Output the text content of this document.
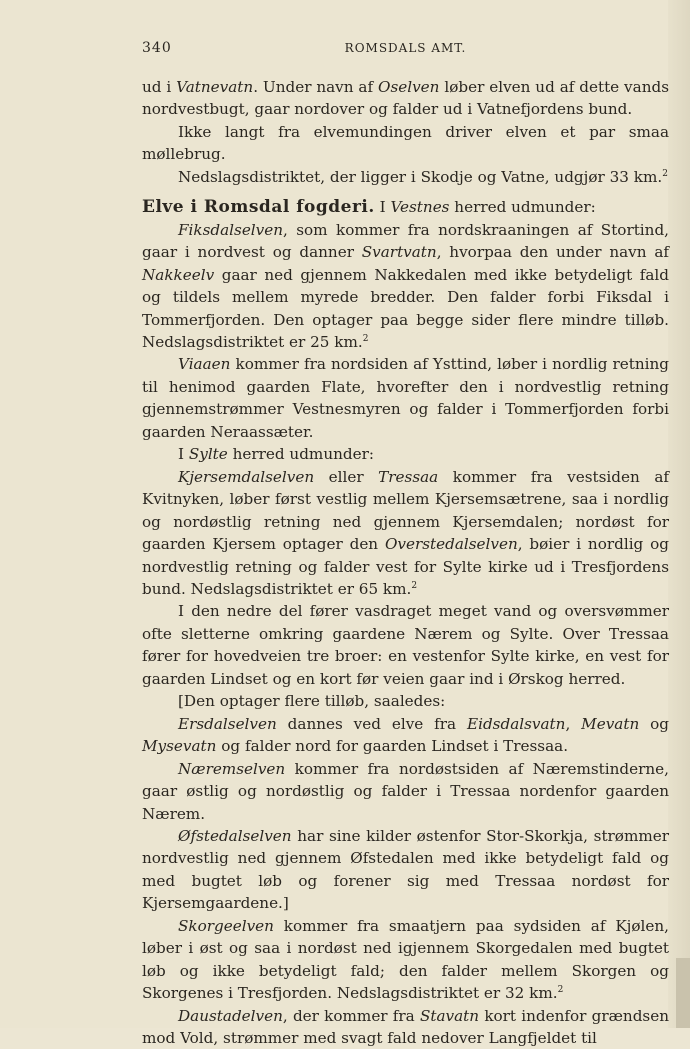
340	ROMSDALS AMT.

ud i Vatnevatn. Under navn af Oselven løber elven ud af dette vands nordvestbugt, gaar nordover og falder ud i Vatnefjordens bund.

Ikke langt fra elvemundingen driver elven et par smaa møllebrug.

Nedslagsdistriktet, der ligger i Skodje og Vatne, udgjør 33 km.$^2$

Elve i Romsdal fogderi. I Vestnes herred udmunder:

Fiksdalselven, som kommer fra nordskraaningen af Stortind, gaar i nordvest og danner Svartvatn, hvorpaa den under navn af Nakkeelv gaar ned gjennem Nakkedalen med ikke betydeligt fald og tildels mellem myrede bredder. Den falder forbi Fiksdal i Tommerfjorden. Den optager paa begge sider flere mindre tilløb. Nedslagsdistriktet er 25 km.$^2$

Viaaen kommer fra nordsiden af Ysttind, løber i nordlig retning til henimod gaarden Flate, hvorefter den i nordvestlig retning gjennemstrømmer Vestnesmyren og falder i Tommerfjorden forbi gaarden Neraassæter.

I Sylte herred udmunder:

Kjersemdalselven eller Tressaa kommer fra vestsiden af Kvitnyken, løber først vestlig mellem Kjersemsætrene, saa i nordlig og nordøstlig retning ned gjennem Kjersemdalen; nordøst for gaarden Kjersem optager den Overstedalselven, bøier i nordlig og nordvestlig retning og falder vest for Sylte kirke ud i Tresfjordens bund. Nedslagsdistriktet er 65 km.$^2$

I den nedre del fører vasdraget meget vand og oversvømmer ofte sletterne omkring gaardene Nærem og Sylte. Over Tressaa fører for hovedveien tre broer: en vestenfor Sylte kirke, en vest for gaarden Lindset og en kort før veien gaar ind i Ørskog herred.

[Den optager flere tilløb, saaledes:

Ersdalselven dannes ved elve fra Eidsdalsvatn, Mevatn og Mysevatn og falder nord for gaarden Lindset i Tressaa.

Næremselven kommer fra nordøstsiden af Næremstinderne, gaar østlig og nordøstlig og falder i Tressaa nordenfor gaarden Nærem.

Øfstedalselven har sine kilder østenfor Stor-Skorkja, strømmer nordvestlig ned gjennem Øfstedalen med ikke betydeligt fald og med bugtet løb og forener sig med Tressaa nordøst for Kjersemgaardene.]

Skorgeelven kommer fra smaatjern paa sydsiden af Kjølen, løber i øst og saa i nordøst ned igjennem Skorgedalen med bugtet løb og ikke betydeligt fald; den falder mellem Skorgen og Skorgenes i Tresfjorden. Nedslagsdistriktet er 32 km.$^2$

Daustadelven, der kommer fra Stavatn kort indenfor grændsen mod Vold, strømmer med svagt fald nedover Langfjeldet til
